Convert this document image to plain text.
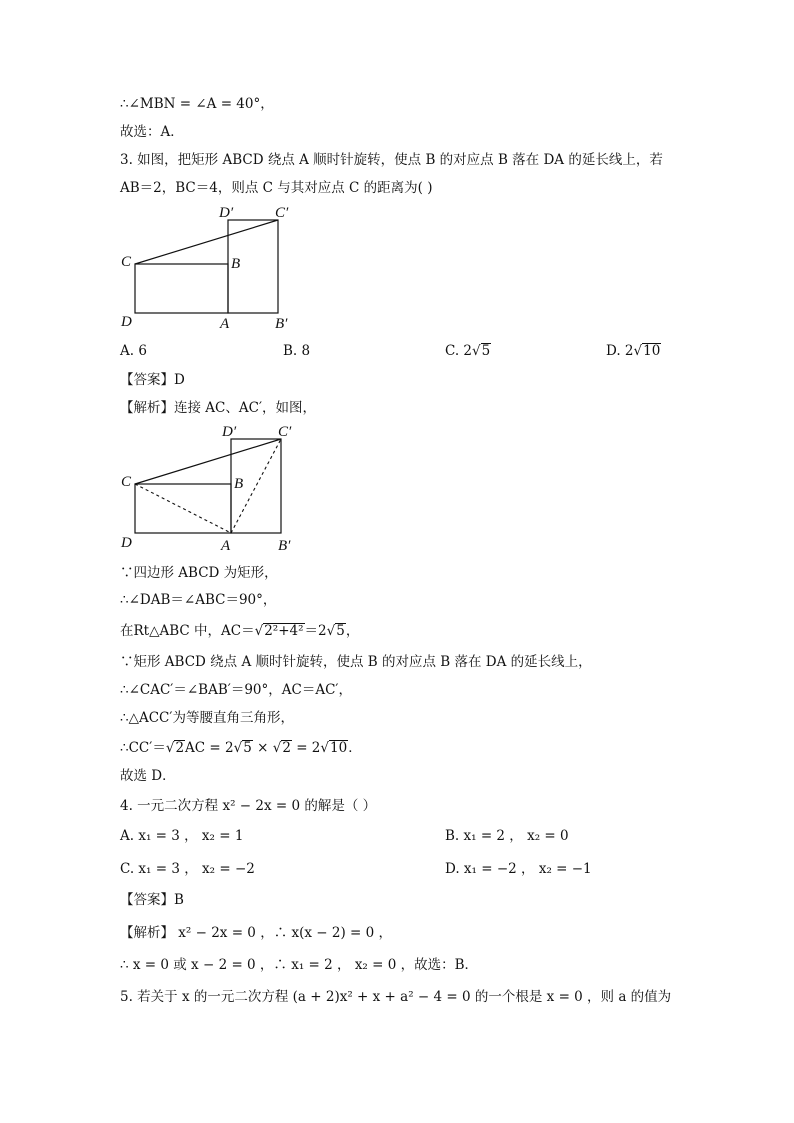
∴∠MBN = ∠A = 40°，
故选：A．
3. 如图，把矩形 ABCD 绕点 A 顺时针旋转，使点 B 的对应点 B 落在 DA 的延长线上，若
AB＝2，BC＝4，则点 C 与其对应点 C 的距离为( )
D′	C′
C	B
D	A	B′
A. 6	B. 8	C. 2√5	D. 2√10
【答案】D
【解析】连接 AC、AC′，如图，
D′	C′
C	B
D	A	B′
∵四边形 ABCD 为矩形，
∴∠DAB＝∠ABC＝90°，
在Rt△ABC 中，AC＝√2²+4²＝2√5，
∵矩形 ABCD 绕点 A 顺时针旋转，使点 B 的对应点 B 落在 DA 的延长线上，
∴∠CAC′＝∠BAB′＝90°，AC＝AC′，
∴△ACC′为等腰直角三角形，
∴CC′＝√2AC = 2√5 × √2 = 2√10．
故选 D．
4. 一元二次方程 x² − 2x = 0 的解是（ ）
A. x₁ = 3 ， x₂ = 1	B. x₁ = 2 ， x₂ = 0
C. x₁ = 3 ， x₂ = −2	D. x₁ = −2 ， x₂ = −1
【答案】B
【解析】 x² − 2x = 0 ，∴ x(x − 2) = 0 ，
∴ x = 0 或 x − 2 = 0 ，∴ x₁ = 2 ， x₂ = 0 ，故选：B．
5. 若关于 x 的一元二次方程 (a + 2)x² + x + a² − 4 = 0 的一个根是 x = 0 ，则 a 的值为
